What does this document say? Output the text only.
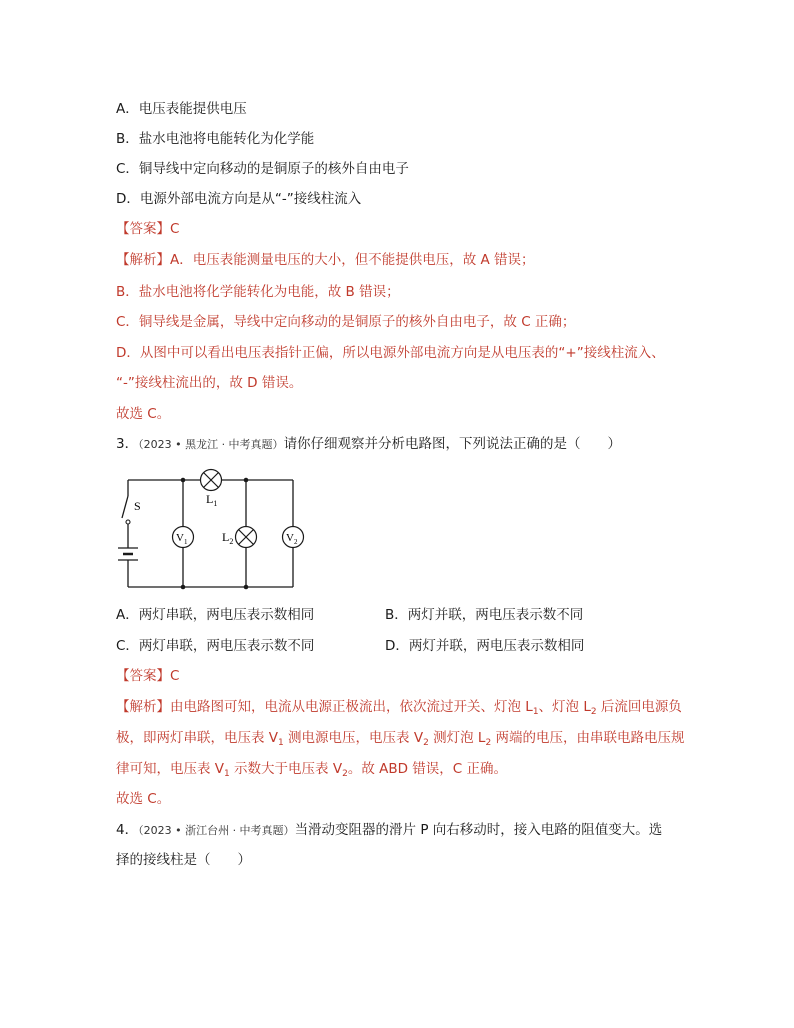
A．电压表能提供电压
B．盐水电池将电能转化为化学能
C．铜导线中定向移动的是铜原子的核外自由电子
D．电源外部电流方向是从“-”接线柱流入
【答案】C
【解析】A．电压表能测量电压的大小，但不能提供电压，故 A 错误；
B．盐水电池将化学能转化为电能，故 B 错误；
C．铜导线是金属，导线中定向移动的是铜原子的核外自由电子，故 C 正确；
D．从图中可以看出电压表指针正偏，所以电源外部电流方向是从电压表的“+”接线柱流入、
“-”接线柱流出的，故 D 错误。
故选 C。
3．（2023 • 黑龙江 · 中考真题）请你仔细观察并分析电路图，下列说法正确的是（　　）
S	$L_1$
$L_2$
$V_1$	$V_2$
A．两灯串联，两电压表示数相同	B．两灯并联，两电压表示数不同
C．两灯串联，两电压表示数不同	D．两灯并联，两电压表示数相同
【答案】C
【解析】由电路图可知，电流从电源正极流出，依次流过开关、灯泡 $L_1$、灯泡 $L_2$ 后流回电源负
极，即两灯串联，电压表 $V_1$ 测电源电压，电压表 $V_2$ 测灯泡 $L_2$ 两端的电压，由串联电路电压规
律可知，电压表 $V_1$ 示数大于电压表 $V_2$。故 ABD 错误，C 正确。
故选 C。
4．（2023 • 浙江台州 · 中考真题）当滑动变阻器的滑片 P 向右移动时，接入电路的阻值变大。选
择的接线柱是（　　）
